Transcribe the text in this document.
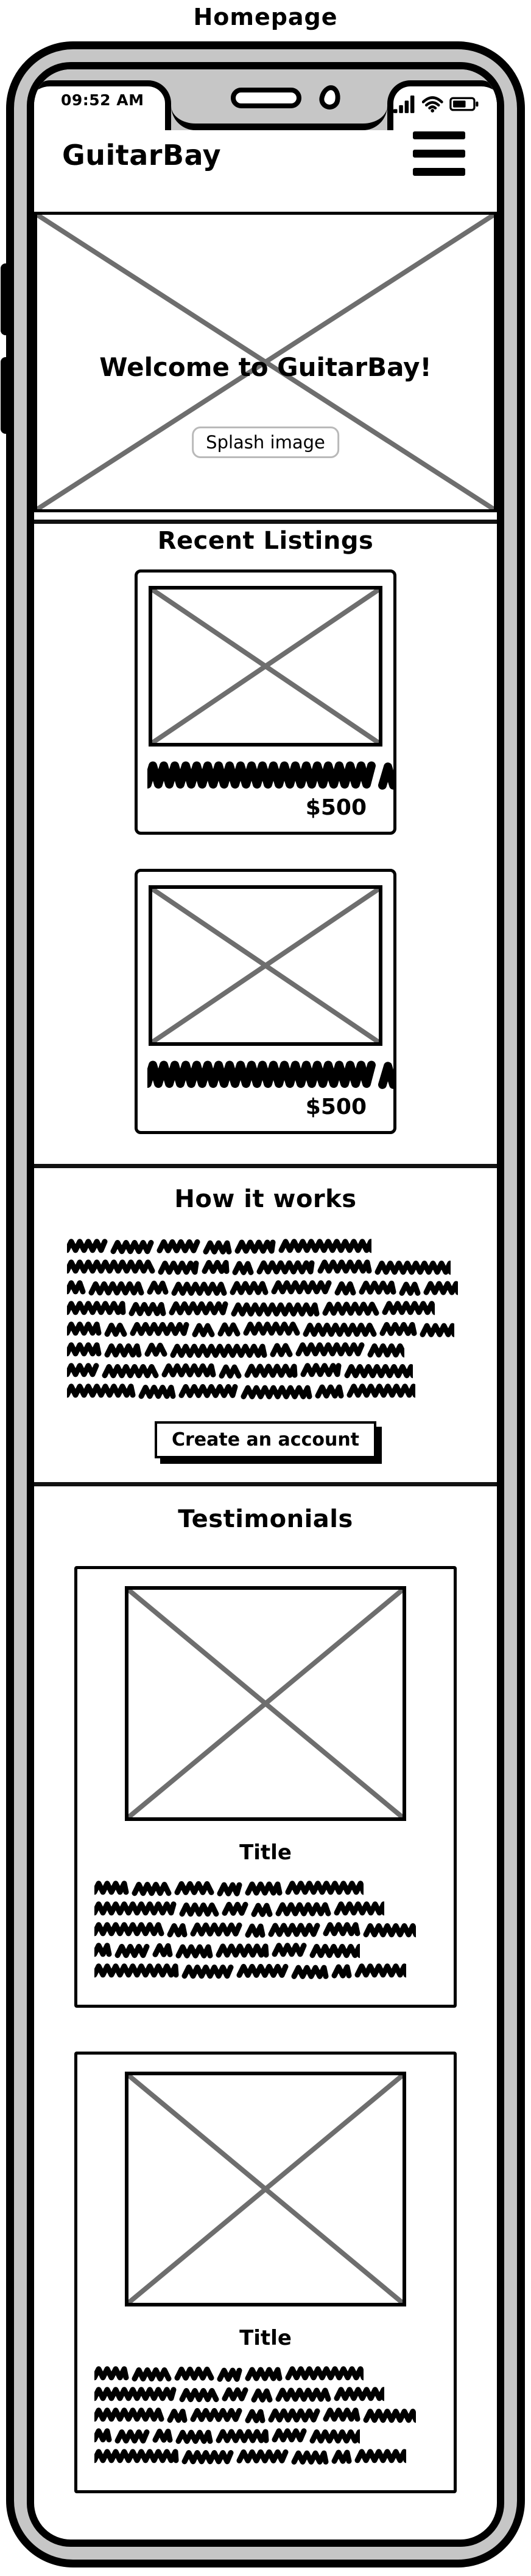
Homepage
09:52 AM
GuitarBay
Welcome to GuitarBay!
Splash image
Recent Listings
$500
$500
How it works
Create an account
Testimonials
Title
Title
